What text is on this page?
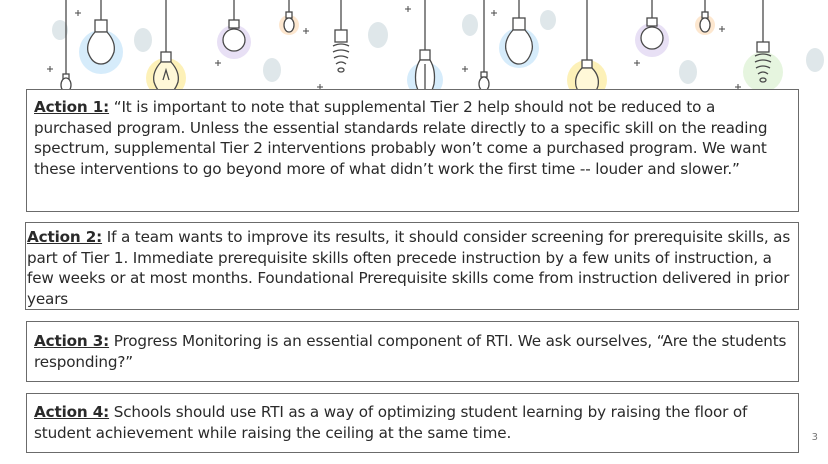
Action 1: “It is important to note that supplemental Tier 2 help should not be reduced to a purchased program. Unless the essential standards relate directly to a specific skill on the reading spectrum, supplemental Tier 2 interventions probably won’t come a purchased program. We want these interventions to go beyond more of what didn’t work the first time -- louder and slower.”
Action 2: If a team wants to improve its results, it should consider screening for prerequisite skills, as part of Tier 1. Immediate prerequisite skills often precede instruction by a few units of instruction, a few weeks or at most months. Foundational Prerequisite skills come from instruction delivered in prior years
Action 3: Progress Monitoring is an essential component of RTI. We ask ourselves, “Are the students responding?”
Action 4: Schools should use RTI as a way of optimizing student learning by raising the floor of student achievement while raising the ceiling at the same time.	3
